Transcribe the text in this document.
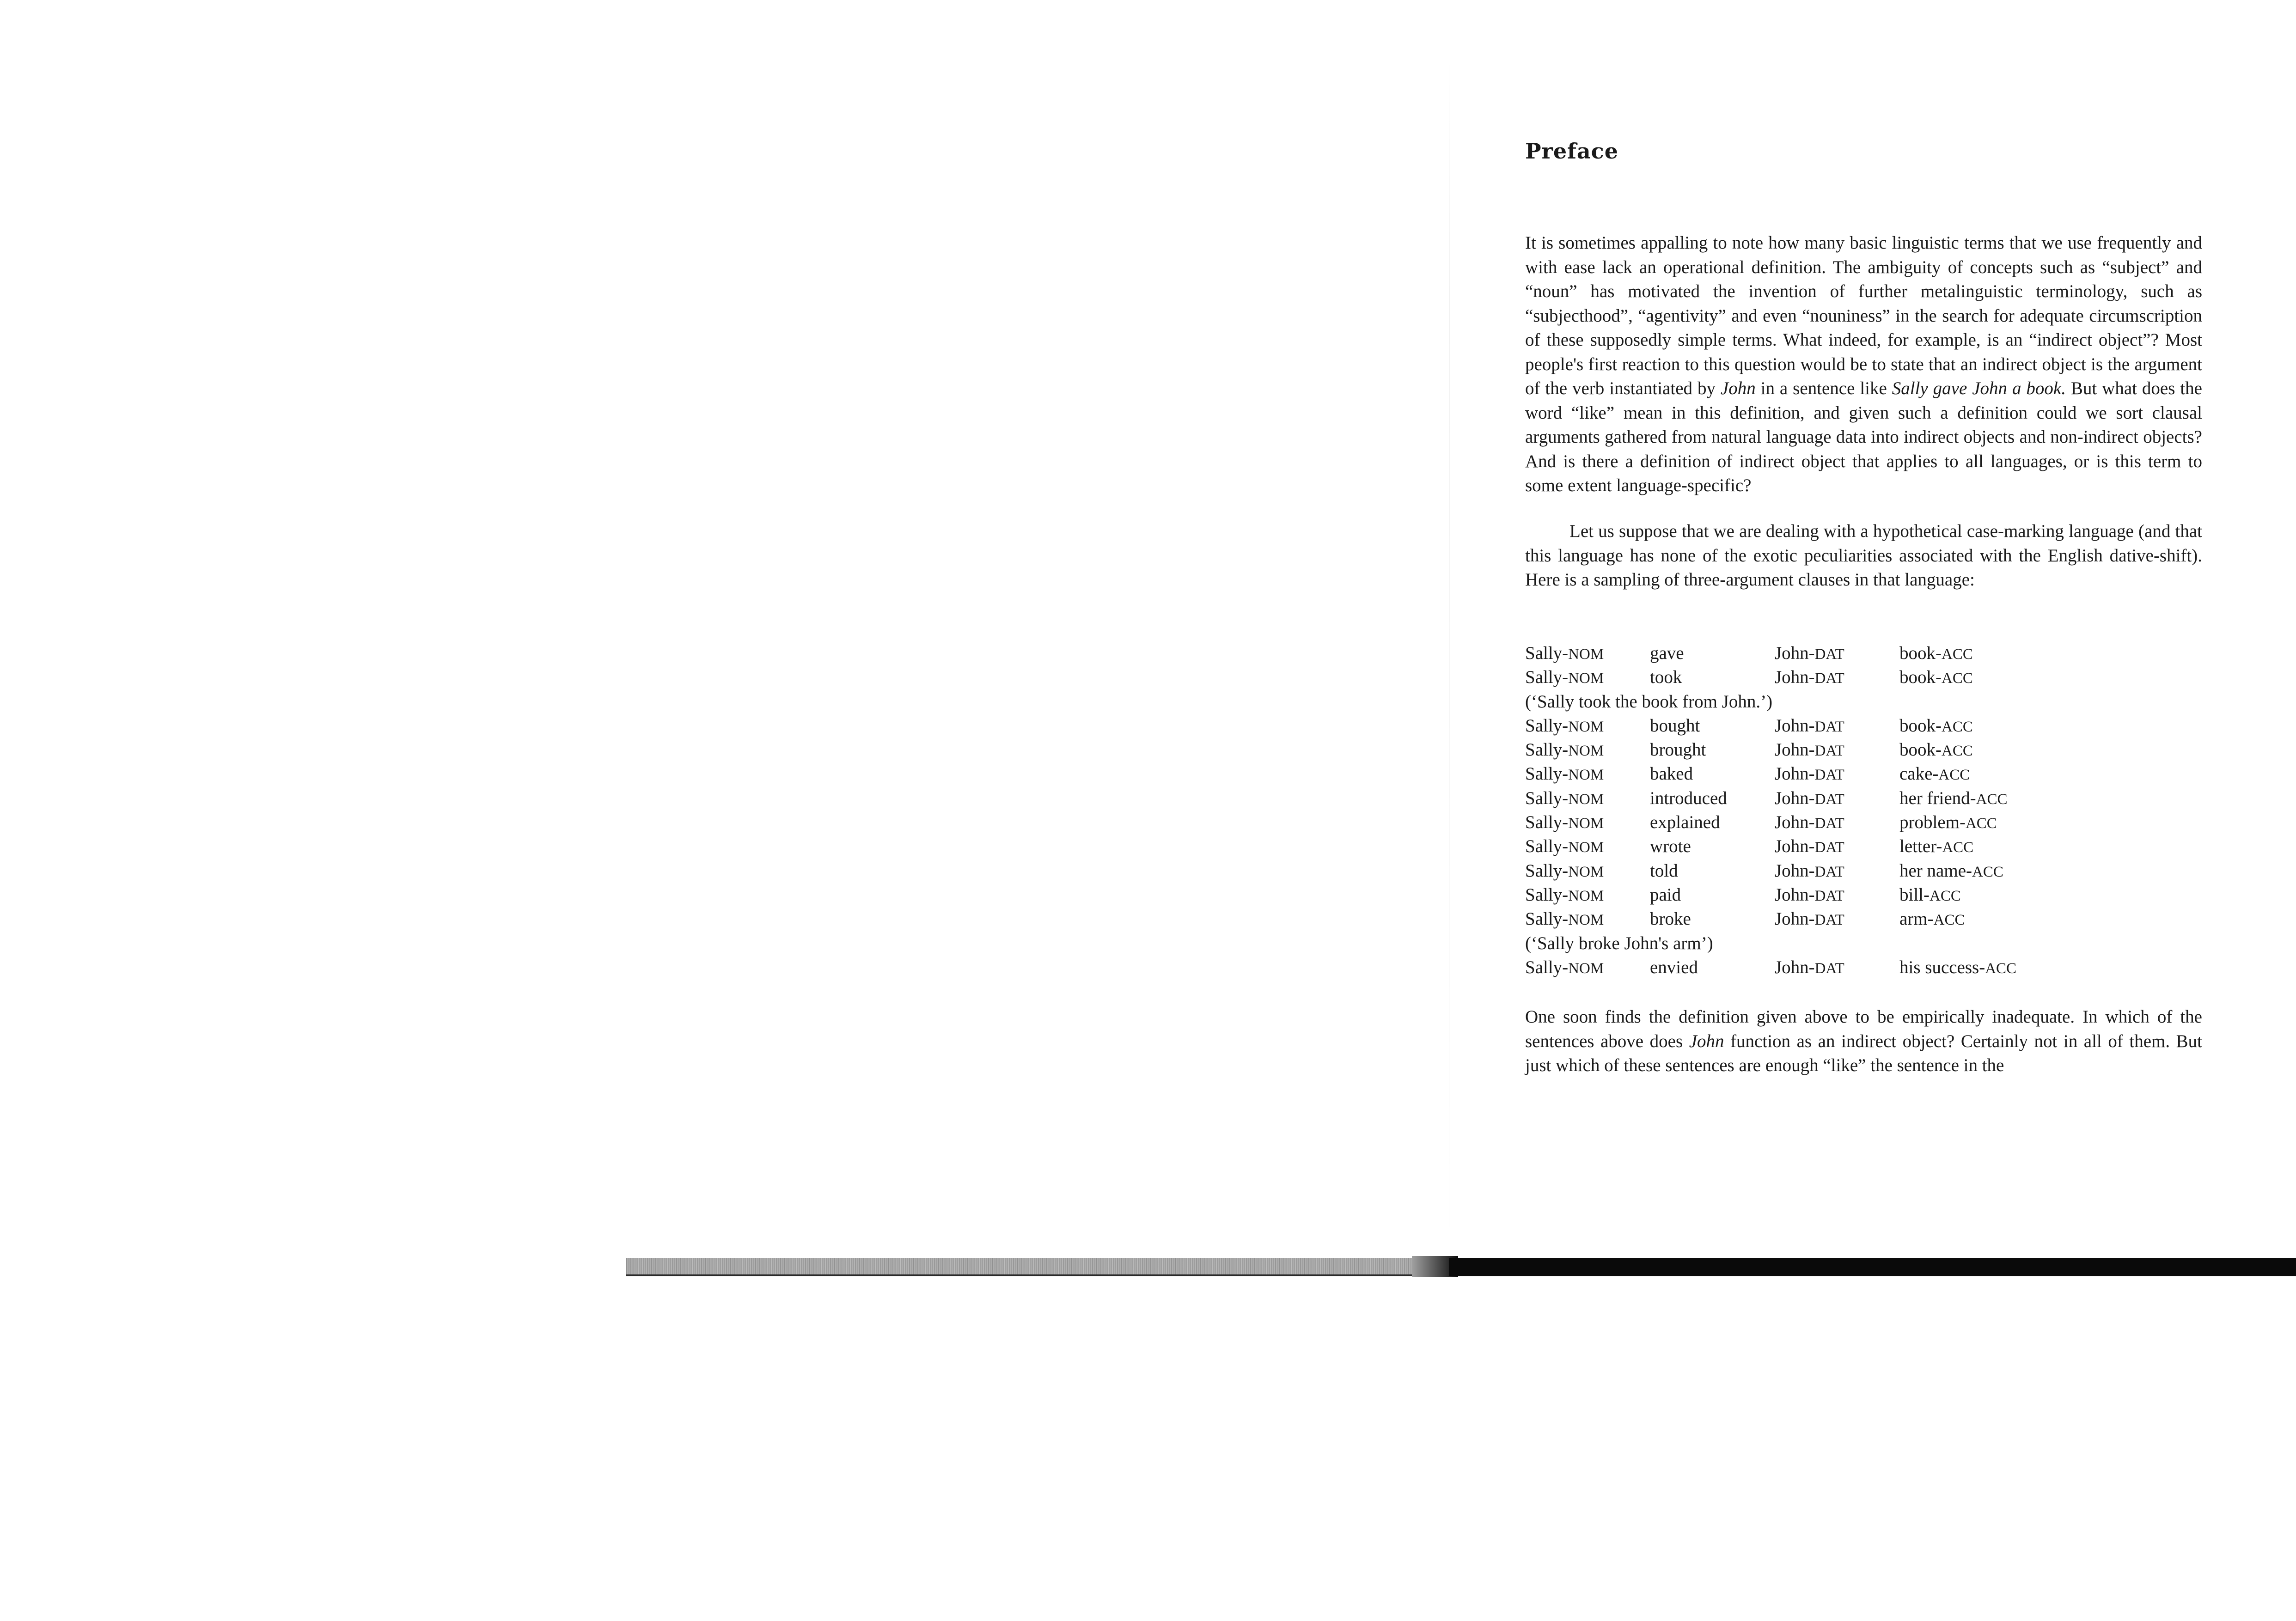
Preface

It is sometimes appalling to note how many basic linguistic terms that we use frequently and with ease lack an operational definition. The ambiguity of concepts such as “subject” and “noun” has motivated the invention of further metalinguistic terminology, such as “subjecthood”, “agentivity” and even “nouniness” in the search for adequate circumscription of these supposedly simple terms. What indeed, for example, is an “indirect object”? Most people's first reaction to this question would be to state that an indirect object is the argument of the verb instantiated by John in a sentence like Sally gave John a book. But what does the word “like” mean in this definition, and given such a definition could we sort clausal arguments gathered from natural language data into indirect objects and non-indirect objects? And is there a definition of indirect object that applies to all languages, or is this term to some extent language-specific?

Let us suppose that we are dealing with a hypothetical case-marking language (and that this language has none of the exotic peculiarities associated with the English dative-shift). Here is a sampling of three-argument clauses in that language:

Sally-NOM	gave	John-DAT	book-ACC
Sally-NOM	took	John-DAT	book-ACC
(‘Sally took the book from John.’)
Sally-NOM	bought	John-DAT	book-ACC
Sally-NOM	brought	John-DAT	book-ACC
Sally-NOM	baked	John-DAT	cake-ACC
Sally-NOM	introduced	John-DAT	her friend-ACC
Sally-NOM	explained	John-DAT	problem-ACC
Sally-NOM	wrote	John-DAT	letter-ACC
Sally-NOM	told	John-DAT	her name-ACC
Sally-NOM	paid	John-DAT	bill-ACC
Sally-NOM	broke	John-DAT	arm-ACC
(‘Sally broke John's arm’)
Sally-NOM	envied	John-DAT	his success-ACC

One soon finds the definition given above to be empirically inadequate. In which of the sentences above does John function as an indirect object? Certainly not in all of them. But just which of these sentences are enough “like” the sentence in the
